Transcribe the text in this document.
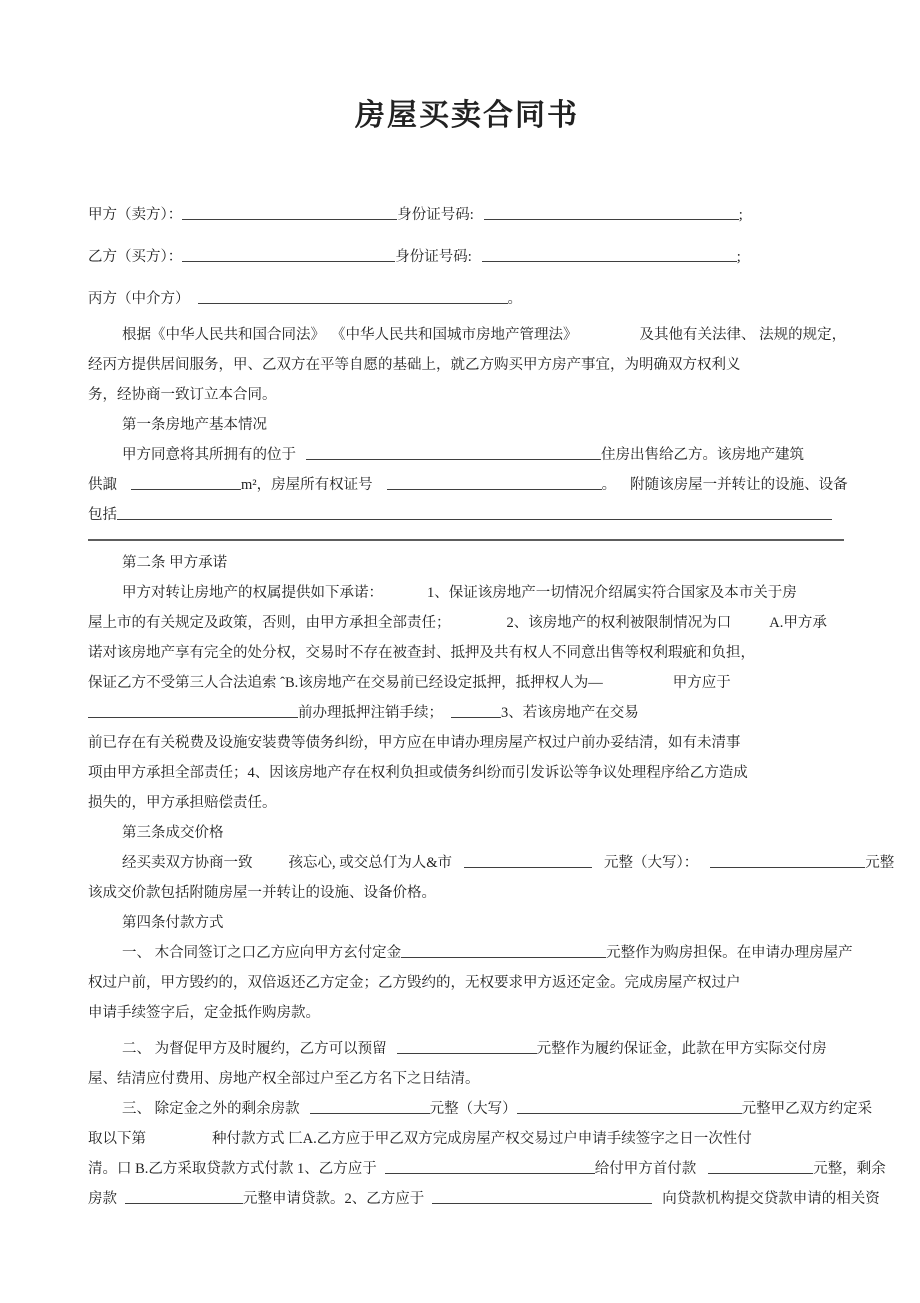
房屋买卖合同书
甲方（卖方）：	身份证号码:	;
乙方（买方）：	身份证号码:	;
丙方（中介方）	。
根据《中华人民共和国合同法》 《中华人民共和国城市房地产管理法》	及其他有关法律、 法规的规定，
经丙方提供居间服务，甲、乙双方在平等自愿的基础上，就乙方购买甲方房产事宜，为明确双方权利义
务，经协商一致订立本合同。
第一条房地产基本情况
甲方同意将其所拥有的位于	住房出售给乙方。该房地产建筑
供諏	m²，房屋所有权证号	。 附随该房屋一并转让的设施、设备
包括
第二条 甲方承诺
甲方对转让房地产的权属提供如下承诺：	1、保证该房地产一切情况介绍属实符合国家及本市关于房
屋上市的有关规定及政策，否则，由甲方承担全部责任；	2、该房地产的权利被限制情况为口	A.甲方承
诺对该房地产享有完全的处分权，交易时不存在被查封、抵押及共有权人不同意出售等权利瑕疵和负担，
保证乙方不受第三人合法追索 ˆB.该房地产在交易前已经设定抵押，抵押权人为—	甲方应于
前办理抵押注销手续；	3、若该房地产在交易
前已存在有关税费及设施安装费等债务纠纷，甲方应在申请办理房屋产权过户前办妥结清，如有未清事
项由甲方承担全部责任；4、因该房地产存在权利负担或债务纠纷而引发诉讼等争议处理程序给乙方造成
损失的，甲方承担赔偿责任。
第三条成交价格
经买卖双方协商一致 孩忘心, 或交总仃为人&市	元整（大写）：	元整
该成交价款包括附随房屋一并转让的设施、设备价格。
第四条付款方式
一、 木合同签订之口乙方应向甲方玄付定金	元整作为购房担保。在申请办理房屋产
权过户前，甲方毁约的，双倍返还乙方定金；乙方毁约的，无权要求甲方返还定金。完成房屋产权过户
申请手续签字后，定金抵作购房款。
二、 为督促甲方及时履约，乙方可以预留	元整作为履约保证金，此款在甲方实际交付房
屋、结清应付费用、房地产权全部过户至乙方名下之日结清。
三、 除定金之外的剩余房款	元整（大写）	元整甲乙双方约定采
取以下第	种付款方式 匚A.乙方应于甲乙双方完成房屋产权交易过户申请手续签字之日一次性付
清。口 B.乙方采取贷款方式付款 1、乙方应于	给付甲方首付款	元整，剩余
房款	元整申请贷款。2、乙方应于	向贷款机构提交贷款申请的相关资
